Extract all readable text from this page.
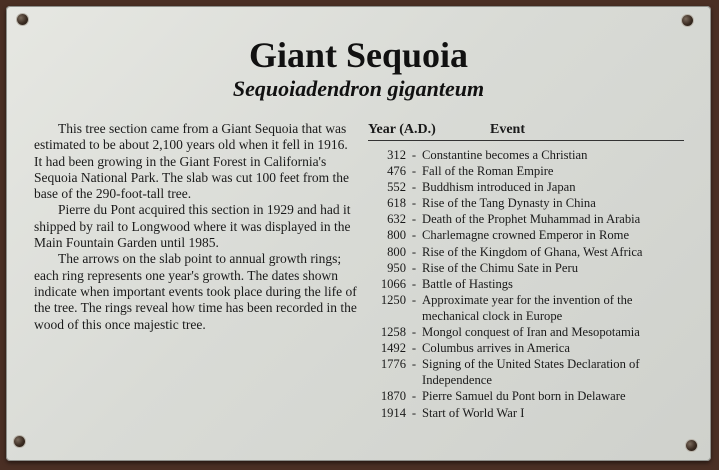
Giant Sequoia
Sequoiadendron giganteum

This tree section came from a Giant Sequoia that was estimated to be about 2,100 years old when it fell in 1916. It had been growing in the Giant Forest in California's Sequoia National Park. The slab was cut 100 feet from the base of the 290-foot-tall tree.

Pierre du Pont acquired this section in 1929 and had it shipped by rail to Longwood where it was displayed in the Main Fountain Garden until 1985.

The arrows on the slab point to annual growth rings; each ring represents one year's growth. The dates shown indicate when important events took place during the life of the tree. The rings reveal how time has been recorded in the wood of this once majestic tree.

Year (A.D.)	Event
312 - Constantine becomes a Christian
476 - Fall of the Roman Empire
552 - Buddhism introduced in Japan
618 - Rise of the Tang Dynasty in China
632 - Death of the Prophet Muhammad in Arabia
800 - Charlemagne crowned Emperor in Rome
800 - Rise of the Kingdom of Ghana, West Africa
950 - Rise of the Chimu Sate in Peru
1066 - Battle of Hastings
1250 - Approximate year for the invention of the mechanical clock in Europe
1258 - Mongol conquest of Iran and Mesopotamia
1492 - Columbus arrives in America
1776 - Signing of the United States Declaration of Independence
1870 - Pierre Samuel du Pont born in Delaware
1914 - Start of World War I
